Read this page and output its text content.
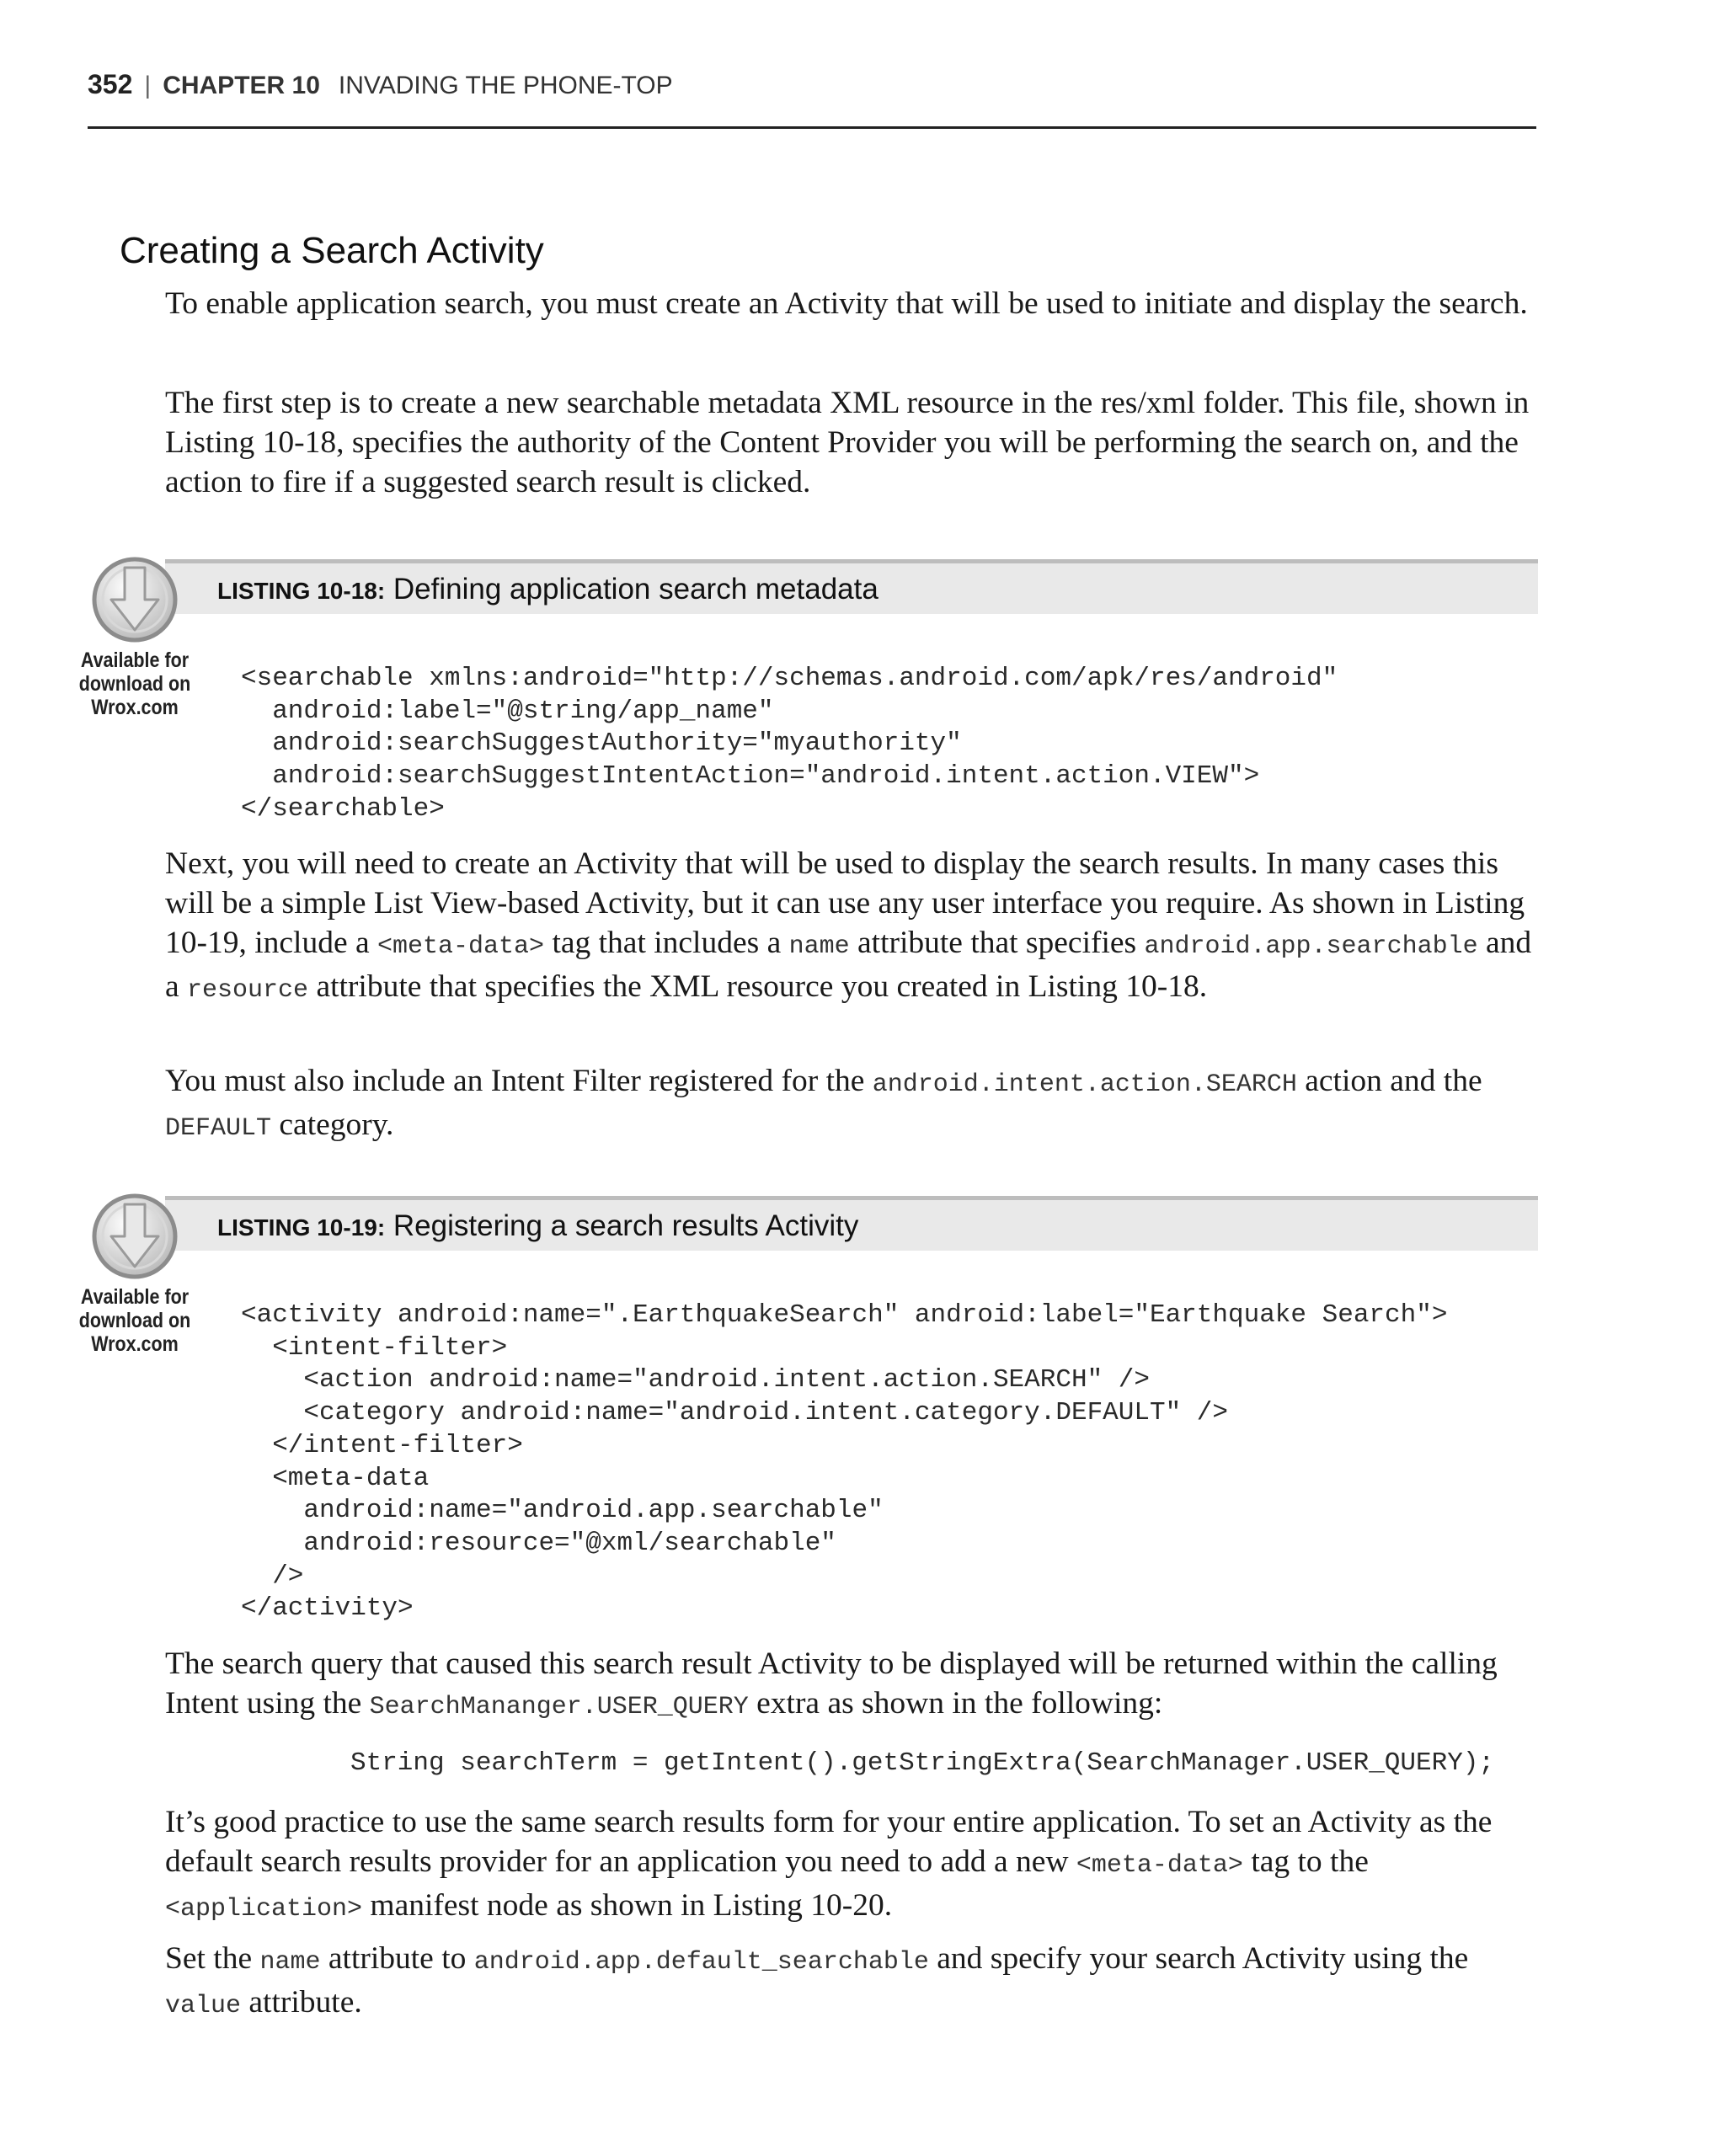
352 | CHAPTER 10 INVADING THE PHONE-TOP
Creating a Search Activity

To enable application search, you must create an Activity that will be used to initiate and display the search.

The first step is to create a new searchable metadata XML resource in the res/xml folder. This file, shown in Listing 10-18, specifies the authority of the Content Provider you will be performing the search on, and the action to fire if a suggested search result is clicked.

LISTING 10-18: Defining application search metadata
Available for
download on
Wrox.com
<searchable xmlns:android="http://schemas.android.com/apk/res/android"
android:label="@string/app_name"
android:searchSuggestAuthority="myauthority"
android:searchSuggestIntentAction="android.intent.action.VIEW">
</searchable>

Next, you will need to create an Activity that will be used to display the search results. In many cases this will be a simple List View-based Activity, but it can use any user interface you require. As shown in Listing 10-19, include a <meta-data> tag that includes a name attribute that specifies android.app.searchable and a resource attribute that specifies the XML resource you created in Listing 10-18.

You must also include an Intent Filter registered for the android.intent.action.SEARCH action and the DEFAULT category.

LISTING 10-19: Registering a search results Activity
Available for
download on
Wrox.com
<activity android:name=".EarthquakeSearch" android:label="Earthquake Search">
<intent-filter>
<action android:name="android.intent.action.SEARCH" />
<category android:name="android.intent.category.DEFAULT" />
</intent-filter>
<meta-data
android:name="android.app.searchable"
android:resource="@xml/searchable"
/>
</activity>

The search query that caused this search result Activity to be displayed will be returned within the calling Intent using the SearchMananger.USER_QUERY extra as shown in the following:

String searchTerm = getIntent().getStringExtra(SearchManager.USER_QUERY);

It’s good practice to use the same search results form for your entire application. To set an Activity as the default search results provider for an application you need to add a new <meta-data> tag to the <application> manifest node as shown in Listing 10-20.

Set the name attribute to android.app.default_searchable and specify your search Activity using the value attribute.
